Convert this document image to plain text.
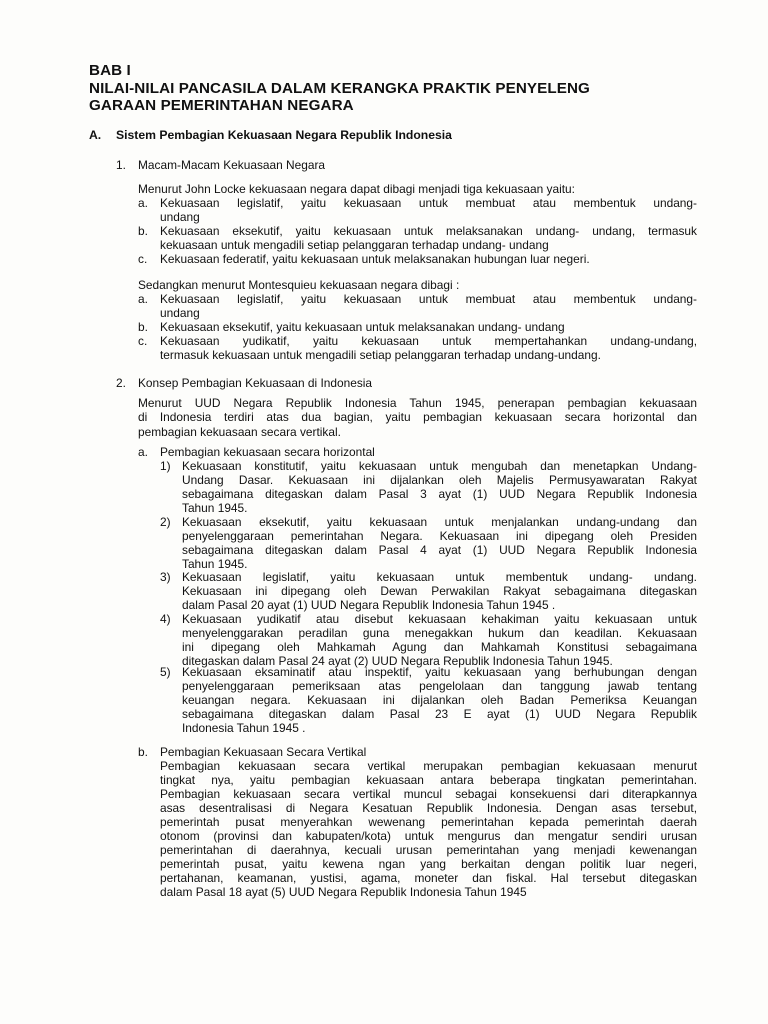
BAB I
NILAI-NILAI PANCASILA DALAM KERANGKA PRAKTIK PENYELENG
GARAAN PEMERINTAHAN NEGARA
A. Sistem Pembagian Kekuasaan Negara Republik Indonesia
1. Macam-Macam Kekuasaan Negara
Menurut John Locke kekuasaan negara dapat dibagi menjadi tiga kekuasaan yaitu:
a. Kekuasaan legislatif, yaitu kekuasaan untuk membuat atau membentuk undang-
undang
b. Kekuasaan eksekutif, yaitu kekuasaan untuk melaksanakan undang- undang, termasuk
kekuasaan untuk mengadili setiap pelanggaran terhadap undang- undang
c. Kekuasaan federatif, yaitu kekuasaan untuk melaksanakan hubungan luar negeri.
Sedangkan menurut Montesquieu kekuasaan negara dibagi :
a. Kekuasaan legislatif, yaitu kekuasaan untuk membuat atau membentuk undang-
undang
b. Kekuasaan eksekutif, yaitu kekuasaan untuk melaksanakan undang- undang
c. Kekuasaan yudikatif, yaitu kekuasaan untuk mempertahankan undang-undang,
termasuk kekuasaan untuk mengadili setiap pelanggaran terhadap undang-undang.
2. Konsep Pembagian Kekuasaan di Indonesia
Menurut UUD Negara Republik Indonesia Tahun 1945, penerapan pembagian kekuasaan
di Indonesia terdiri atas dua bagian, yaitu pembagian kekuasaan secara horizontal dan
pembagian kekuasaan secara vertikal.
a. Pembagian kekuasaan secara horizontal
1) Kekuasaan konstitutif, yaitu kekuasaan untuk mengubah dan menetapkan Undang-
Undang Dasar. Kekuasaan ini dijalankan oleh Majelis Permusyawaratan Rakyat
sebagaimana ditegaskan dalam Pasal 3 ayat (1) UUD Negara Republik Indonesia
Tahun 1945.
2) Kekuasaan eksekutif, yaitu kekuasaan untuk menjalankan undang-undang dan
penyelenggaraan pemerintahan Negara. Kekuasaan ini dipegang oleh Presiden
sebagaimana ditegaskan dalam Pasal 4 ayat (1) UUD Negara Republik Indonesia
Tahun 1945.
3) Kekuasaan legislatif, yaitu kekuasaan untuk membentuk undang- undang.
Kekuasaan ini dipegang oleh Dewan Perwakilan Rakyat sebagaimana ditegaskan
dalam Pasal 20 ayat (1) UUD Negara Republik Indonesia Tahun 1945 .
4) Kekuasaan yudikatif atau disebut kekuasaan kehakiman yaitu kekuasaan untuk
menyelenggarakan peradilan guna menegakkan hukum dan keadilan. Kekuasaan
ini dipegang oleh Mahkamah Agung dan Mahkamah Konstitusi sebagaimana
ditegaskan dalam Pasal 24 ayat (2) UUD Negara Republik Indonesia Tahun 1945.
5) Kekuasaan eksaminatif atau inspektif, yaitu kekuasaan yang berhubungan dengan
penyelenggaraan pemeriksaan atas pengelolaan dan tanggung jawab tentang
keuangan negara. Kekuasaan ini dijalankan oleh Badan Pemeriksa Keuangan
sebagaimana ditegaskan dalam Pasal 23 E ayat (1) UUD Negara Republik
Indonesia Tahun 1945 .
b. Pembagian Kekuasaan Secara Vertikal
Pembagian kekuasaan secara vertikal merupakan pembagian kekuasaan menurut
tingkat nya, yaitu pembagian kekuasaan antara beberapa tingkatan pemerintahan.
Pembagian kekuasaan secara vertikal muncul sebagai konsekuensi dari diterapkannya
asas desentralisasi di Negara Kesatuan Republik Indonesia. Dengan asas tersebut,
pemerintah pusat menyerahkan wewenang pemerintahan kepada pemerintah daerah
otonom (provinsi dan kabupaten/kota) untuk mengurus dan mengatur sendiri urusan
pemerintahan di daerahnya, kecuali urusan pemerintahan yang menjadi kewenangan
pemerintah pusat, yaitu kewena ngan yang berkaitan dengan politik luar negeri,
pertahanan, keamanan, yustisi, agama, moneter dan fiskal. Hal tersebut ditegaskan
dalam Pasal 18 ayat (5) UUD Negara Republik Indonesia Tahun 1945
